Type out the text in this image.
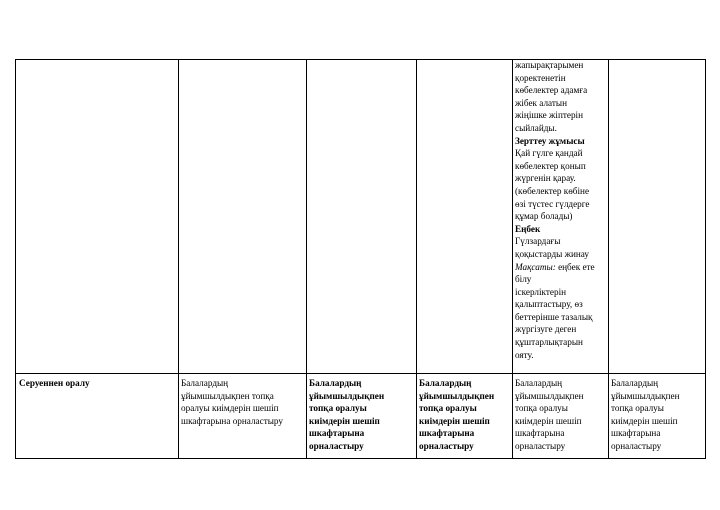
жапырақтарымен
қоректенетін
көбелектер адамға
жібек алатын
жіңішке жіптерін
сыйлайды.
Зерттеу жұмысы
Қай гүлге қандай
көбелектер қонып
жүргенін қарау.
(көбелектер көбіне
өзі түстес гүлдерге
құмар болады)
Еңбек
Гүлзардағы
қоқыстарды жинау
Мақсаты: еңбек ете
білу
іскерліктерін
қалыптастыру, өз
беттерінше тазалық
жүргізуге деген
құштарлықтарын
ояту.
Серуеннен оралу	Балалардың
ұйымшылдықпен топқа
оралуы киімдерін шешіп
шкафтарына орналастыру
Балалардың
ұйымшылдықпен
топқа оралуы
киімдерін шешіп
шкафтарына
орналастыру
Балалардың
ұйымшылдықпен
топқа оралуы
киімдерін шешіп
шкафтарына
орналастыру
Балалардың
ұйымшылдықпен
топқа оралуы
киімдерін шешіп
шкафтарына
орналастыру
Балалардың
ұйымшылдықпен
топқа оралуы
киімдерін шешіп
шкафтарына
орналастыру
